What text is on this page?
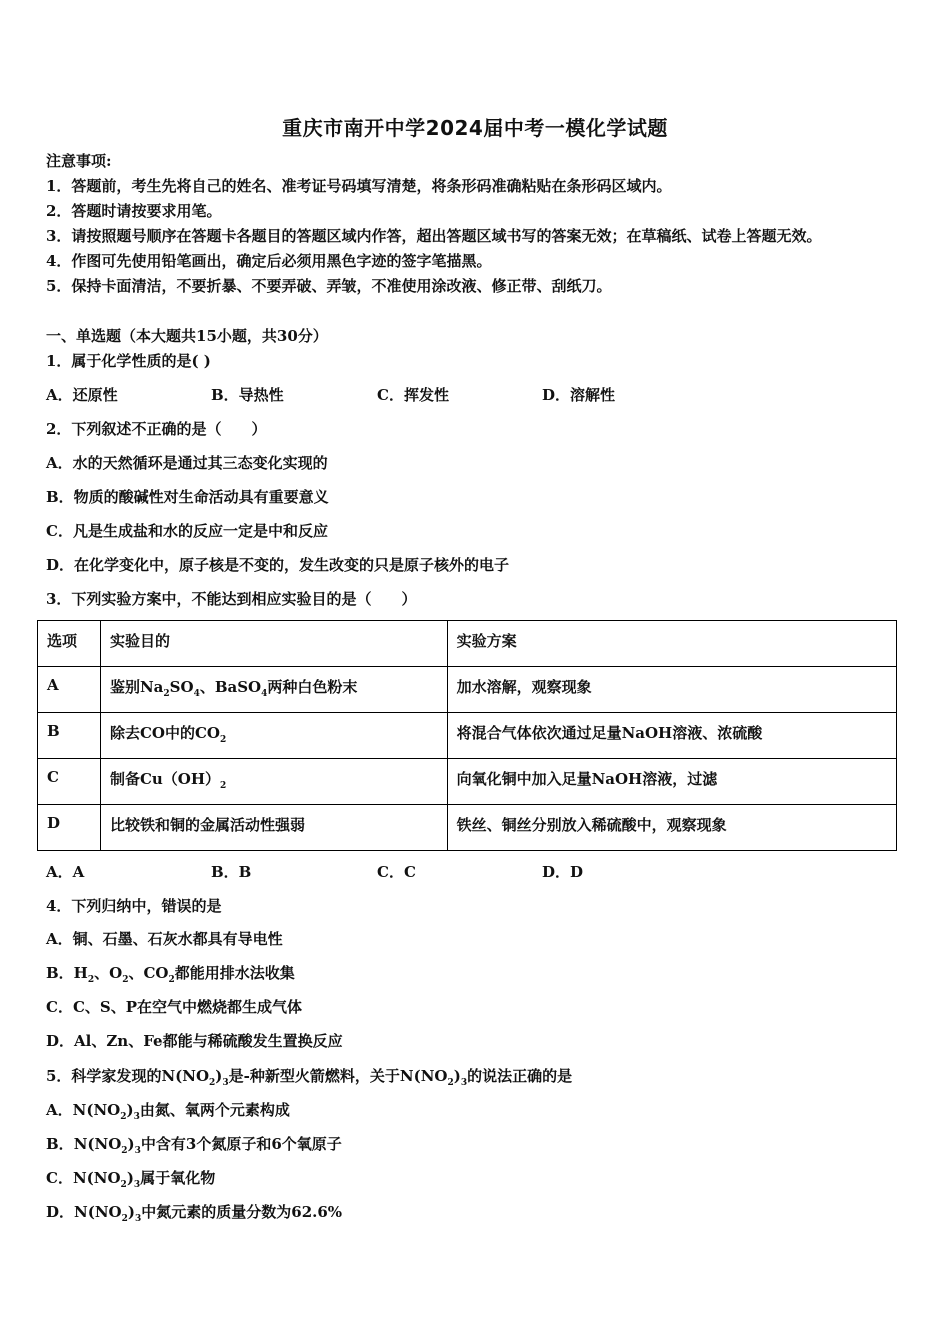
重庆市南开中学2024届中考一模化学试题
注意事项:
1．答题前，考生先将自己的姓名、准考证号码填写清楚，将条形码准确粘贴在条形码区域内。
2．答题时请按要求用笔。
3．请按照题号顺序在答题卡各题目的答题区域内作答，超出答题区域书写的答案无效；在草稿纸、试卷上答题无效。
4．作图可先使用铅笔画出，确定后必须用黑色字迹的签字笔描黑。
5．保持卡面清洁，不要折暴、不要弄破、弄皱，不准使用涂改液、修正带、刮纸刀。
一、单选题（本大题共15小题，共30分）
1．属于化学性质的是( )
A．还原性	B．导热性	C．挥发性	D．溶解性
2．下列叙述不正确的是（　　）
A．水的天然循环是通过其三态变化实现的
B．物质的酸碱性对生命活动具有重要意义
C．凡是生成盐和水的反应一定是中和反应
D．在化学变化中，原子核是不变的，发生改变的只是原子核外的电子
3．下列实验方案中，不能达到相应实验目的是（　　）
选项	实验目的	实验方案
A	鉴别$Na_2SO_4$、BaSO$_4$两种白色粉末	加水溶解，观察现象
B	除去CO中的$CO_2$	将混合气体依次通过足量NaOH溶液、浓硫酸
C	制备$Cu(OH)_2$	向氧化铜中加入足量NaOH溶液，过滤
D	比较铁和铜的金属活动性强弱	铁丝、铜丝分别放入稀硫酸中，观察现象
A．A	B．B	C．C	D．D
4．下列归纳中，错误的是
A．铜、石墨、石灰水都具有导电性
B．$H_2$、$O_2$、$CO_2$都能用排水法收集
C．C、S、P在空气中燃烧都生成气体
D．Al、Zn、Fe都能与稀硫酸发生置换反应
5．科学家发现的$N(NO_2)_3$是-种新型火箭燃料，关于$N(NO_2)_3$的说法正确的是
A．$N(NO_2)_3$由氮、氧两个元素构成
B．$N(NO_2)_3$中含有3个氮原子和6个氧原子
C．$N(NO_2)_3$属于氧化物
D．$N(NO_2)_3$中氮元素的质量分数为62.6%
